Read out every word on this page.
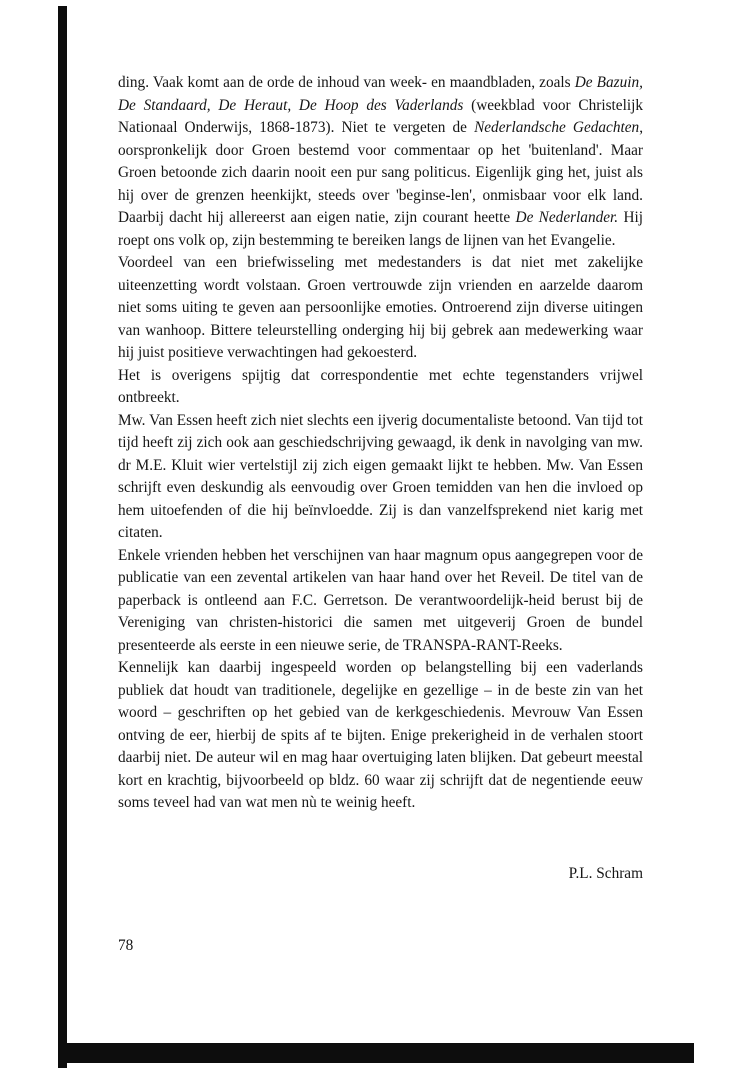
ding. Vaak komt aan de orde de inhoud van week- en maandbladen, zoals De Bazuin, De Standaard, De Heraut, De Hoop des Vaderlands (weekblad voor Christelijk Nationaal Onderwijs, 1868-1873). Niet te vergeten de Nederlandsche Gedachten, oorspronkelijk door Groen bestemd voor commentaar op het 'buitenland'. Maar Groen betoonde zich daarin nooit een pur sang politicus. Eigenlijk ging het, juist als hij over de grenzen heenkijkt, steeds over 'beginse-len', onmisbaar voor elk land. Daarbij dacht hij allereerst aan eigen natie, zijn courant heette De Nederlander. Hij roept ons volk op, zijn bestemming te bereiken langs de lijnen van het Evangelie.

Voordeel van een briefwisseling met medestanders is dat niet met zakelijke uiteenzetting wordt volstaan. Groen vertrouwde zijn vrienden en aarzelde daarom niet soms uiting te geven aan persoonlijke emoties. Ontroerend zijn diverse uitingen van wanhoop. Bittere teleurstelling onderging hij bij gebrek aan medewerking waar hij juist positieve verwachtingen had gekoesterd.

Het is overigens spijtig dat correspondentie met echte tegenstanders vrijwel ontbreekt.

Mw. Van Essen heeft zich niet slechts een ijverig documentaliste betoond. Van tijd tot tijd heeft zij zich ook aan geschiedschrijving gewaagd, ik denk in navolging van mw. dr M.E. Kluit wier vertelstijl zij zich eigen gemaakt lijkt te hebben. Mw. Van Essen schrijft even deskundig als eenvoudig over Groen temidden van hen die invloed op hem uitoefenden of die hij beïnvloedde. Zij is dan vanzelfsprekend niet karig met citaten.

Enkele vrienden hebben het verschijnen van haar magnum opus aangegrepen voor de publicatie van een zevental artikelen van haar hand over het Reveil. De titel van de paperback is ontleend aan F.C. Gerretson. De verantwoordelijk-heid berust bij de Vereniging van christen-historici die samen met uitgeverij Groen de bundel presenteerde als eerste in een nieuwe serie, de TRANSPA-RANT-Reeks.

Kennelijk kan daarbij ingespeeld worden op belangstelling bij een vaderlands publiek dat houdt van traditionele, degelijke en gezellige – in de beste zin van het woord – geschriften op het gebied van de kerkgeschiedenis. Mevrouw Van Essen ontving de eer, hierbij de spits af te bijten. Enige prekerigheid in de verhalen stoort daarbij niet. De auteur wil en mag haar overtuiging laten blijken. Dat gebeurt meestal kort en krachtig, bijvoorbeeld op bldz. 60 waar zij schrijft dat de negentiende eeuw soms teveel had van wat men nù te weinig heeft.

P.L. Schram
78
